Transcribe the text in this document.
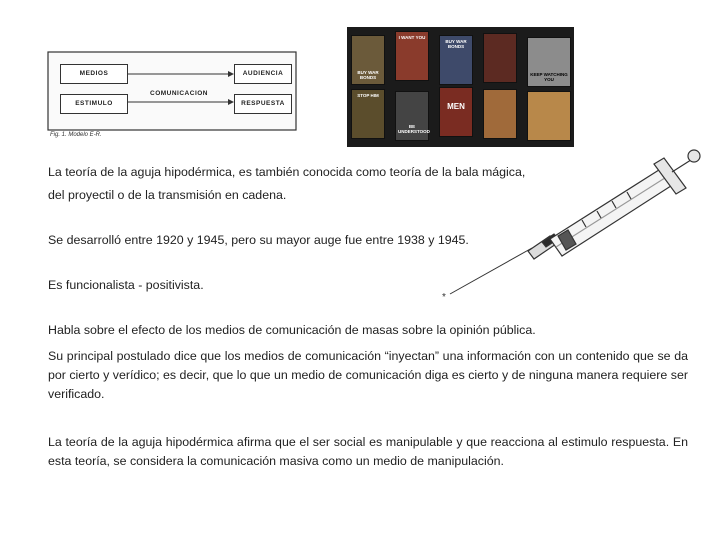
MEDIOS
ESTIMULO
COMUNICACION
AUDIENCIA
RESPUESTA
Fig. 1. Modelo E-R.
BUY WAR BONDS
I WANT YOU
BUY WAR BONDS
KEEP WATCHING YOU
STOP HIM
BE UNDERSTOOD
MEN
*
La teoría de la aguja hipodérmica, es también conocida como teoría de la bala mágica,
del proyectil o de la transmisión en cadena.
Se desarrolló entre 1920 y 1945, pero su mayor auge fue entre 1938 y 1945.
Es funcionalista - positivista.
Habla sobre el efecto de los medios de comunicación de masas sobre la opinión pública.
Su principal postulado dice que los medios de comunicación “inyectan” una información con un contenido que se da por cierto y verídico; es decir, que lo que un medio de comunicación diga es cierto y de ninguna manera requiere ser verificado.
La teoría de la aguja hipodérmica afirma que el ser social es manipulable y que reacciona al estimulo respuesta. En esta teoría, se considera la comunicación masiva como un medio de manipulación.
